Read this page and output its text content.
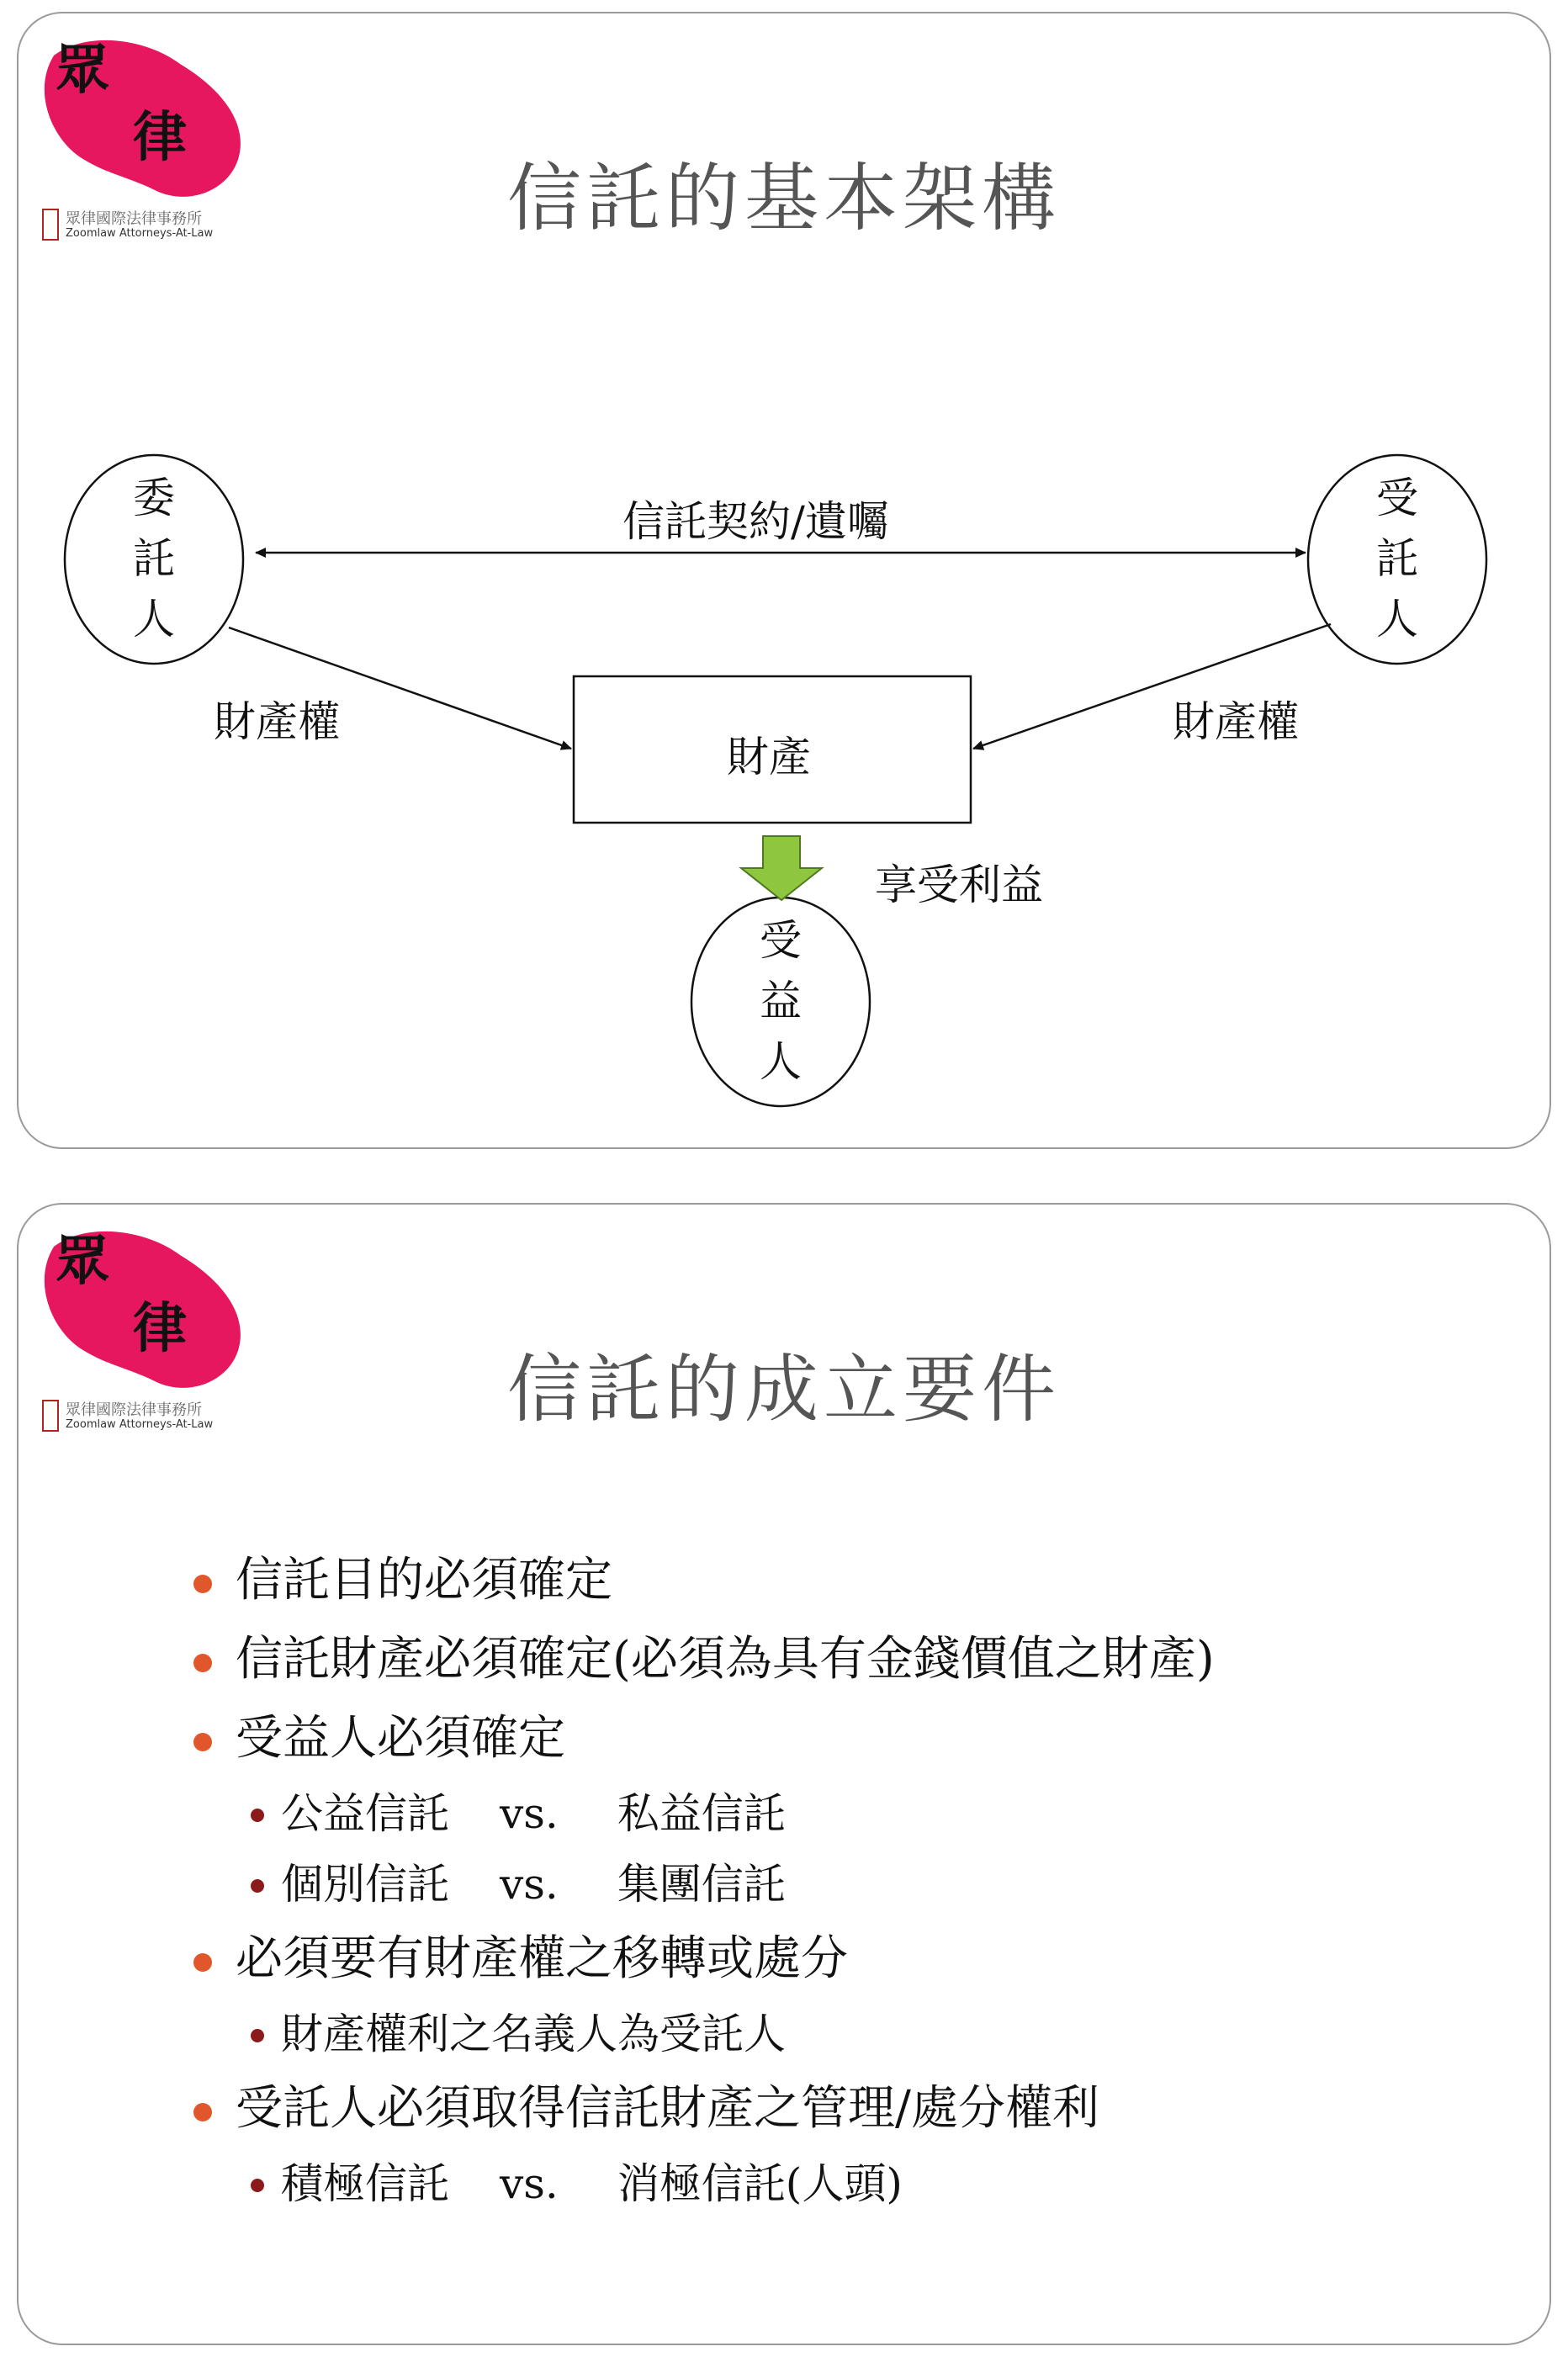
眾
律
眾律國際法律事務所
Zoomlaw Attorneys-At-Law	信託的基本架構
委
託
人
受
託
人
受
益
人
信託契約/遺囑
財產權	財產權
財產
享受利益
眾
律
眾律國際法律事務所
Zoomlaw Attorneys-At-Law	信託的成立要件
信託目的必須確定
信託財產必須確定(必須為具有金錢價值之財產)
受益人必須確定
公益信託 vs. 私益信託
個別信託 vs. 集團信託
必須要有財產權之移轉或處分
財產權利之名義人為受託人
受託人必須取得信託財產之管理/處分權利
積極信託 vs. 消極信託(人頭)
